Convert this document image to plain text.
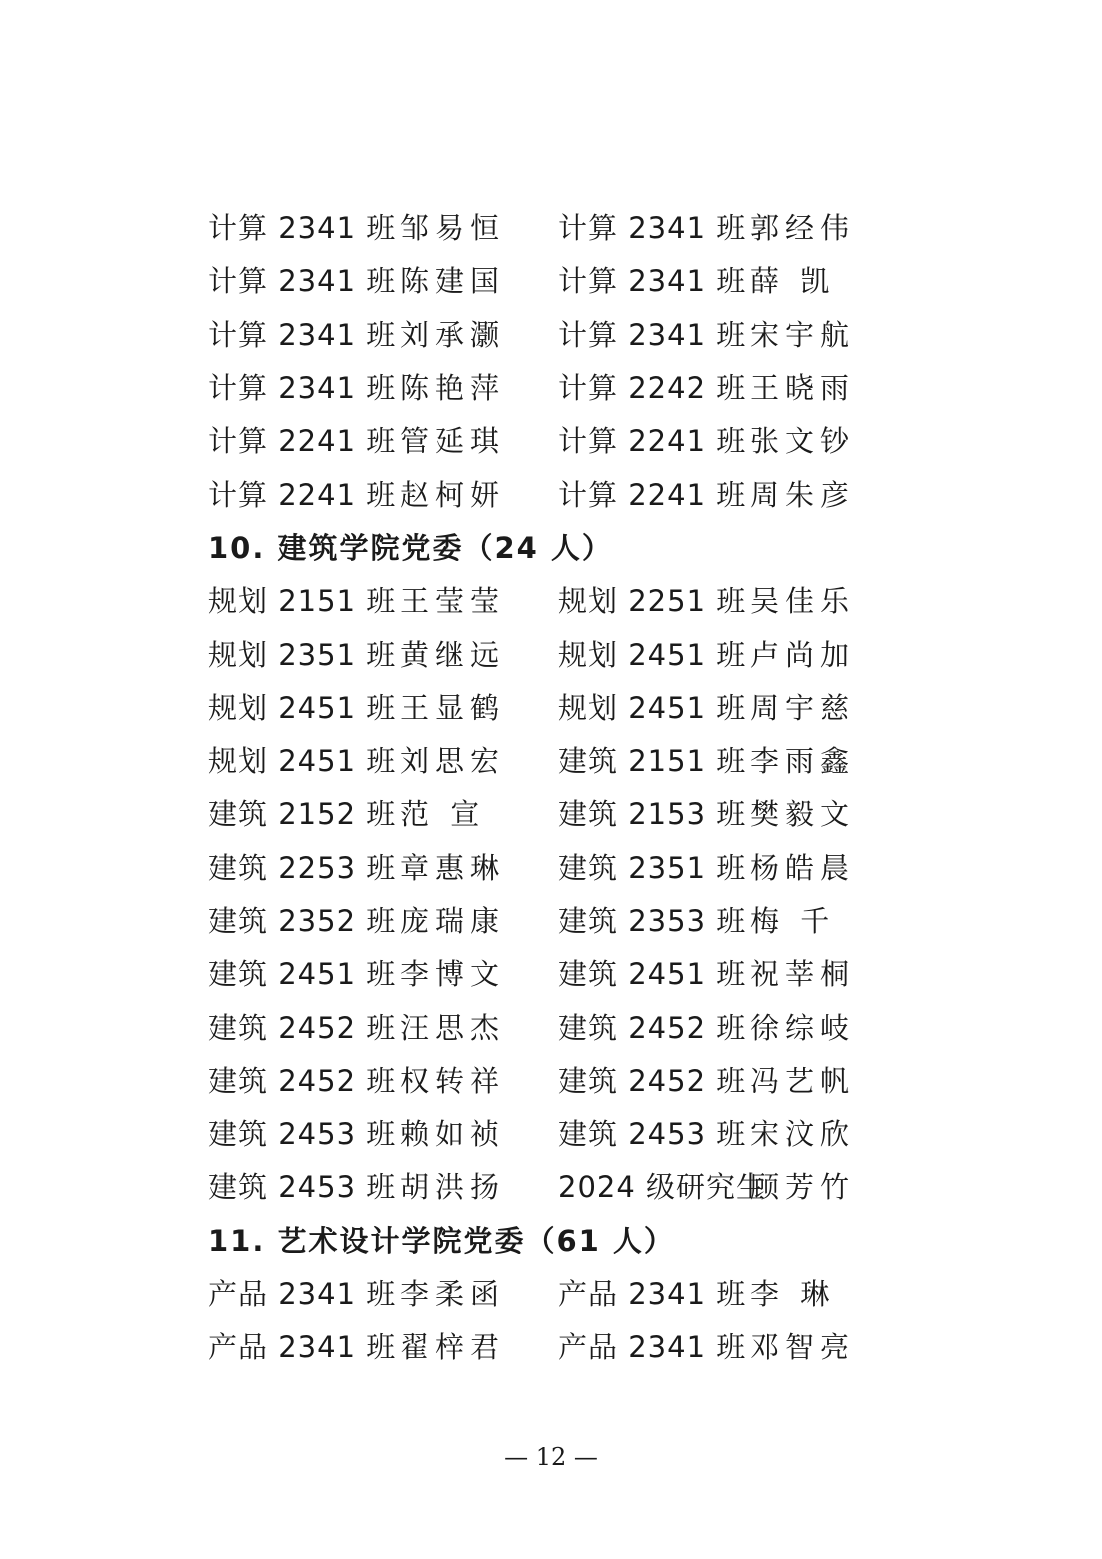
计算 2341 班 邹易恒 计算 2341 班 郭经伟
计算 2341 班 陈建国 计算 2341 班 薛 凯
计算 2341 班 刘承灏 计算 2341 班 宋宇航
计算 2341 班 陈艳萍 计算 2242 班 王晓雨
计算 2241 班 管延琪 计算 2241 班 张文钞
计算 2241 班 赵柯妍 计算 2241 班 周朱彦
10. 建筑学院党委（24 人）
规划 2151 班 王莹莹 规划 2251 班 吴佳乐
规划 2351 班 黄继远 规划 2451 班 卢尚加
规划 2451 班 王显鹤 规划 2451 班 周宇慈
规划 2451 班 刘思宏 建筑 2151 班 李雨鑫
建筑 2152 班 范 宣	建筑 2153 班 樊毅文
建筑 2253 班 章惠琳 建筑 2351 班 杨皓晨
建筑 2352 班 庞瑞康 建筑 2353 班 梅 千
建筑 2451 班 李博文 建筑 2451 班 祝莘桐
建筑 2452 班 汪思杰 建筑 2452 班 徐综岐
建筑 2452 班 权转祥 建筑 2452 班 冯艺帆
建筑 2453 班 赖如祯 建筑 2453 班 宋汶欣
建筑 2453 班 胡洪扬 2024 级研究生
顾芳竹
11. 艺术设计学院党委（61 人）
产品 2341 班 李柔函 产品 2341 班 李 琳
产品 2341 班 翟梓君 产品 2341 班 邓智亮
— 12 —
